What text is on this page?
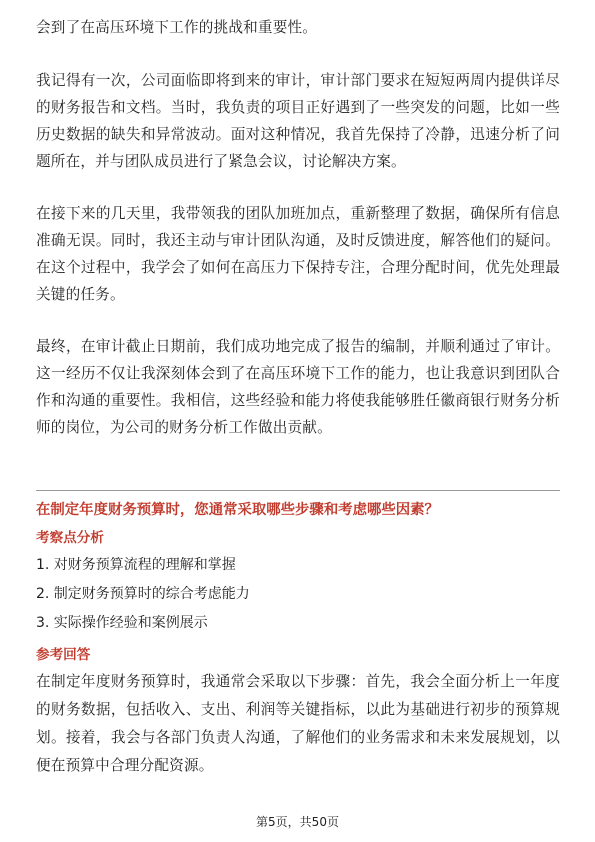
会到了在高压环境下工作的挑战和重要性。

我记得有一次，公司面临即将到来的审计，审计部门要求在短短两周内提供详尽的财务报告和文档。当时，我负责的项目正好遇到了一些突发的问题，比如一些历史数据的缺失和异常波动。面对这种情况，我首先保持了冷静，迅速分析了问题所在，并与团队成员进行了紧急会议，讨论解决方案。

在接下来的几天里，我带领我的团队加班加点，重新整理了数据，确保所有信息准确无误。同时，我还主动与审计团队沟通，及时反馈进度，解答他们的疑问。在这个过程中，我学会了如何在高压力下保持专注，合理分配时间，优先处理最关键的任务。

最终，在审计截止日期前，我们成功地完成了报告的编制，并顺利通过了审计。这一经历不仅让我深刻体会到了在高压环境下工作的能力，也让我意识到团队合作和沟通的重要性。我相信，这些经验和能力将使我能够胜任徽商银行财务分析师的岗位，为公司的财务分析工作做出贡献。

在制定年度财务预算时，您通常采取哪些步骤和考虑哪些因素？

考察点分析

1. 对财务预算流程的理解和掌握

2. 制定财务预算时的综合考虑能力

3. 实际操作经验和案例展示

参考回答

在制定年度财务预算时，我通常会采取以下步骤：首先，我会全面分析上一年度的财务数据，包括收入、支出、利润等关键指标，以此为基础进行初步的预算规划。接着，我会与各部门负责人沟通，了解他们的业务需求和未来发展规划，以便在预算中合理分配资源。

第5页，共50页
